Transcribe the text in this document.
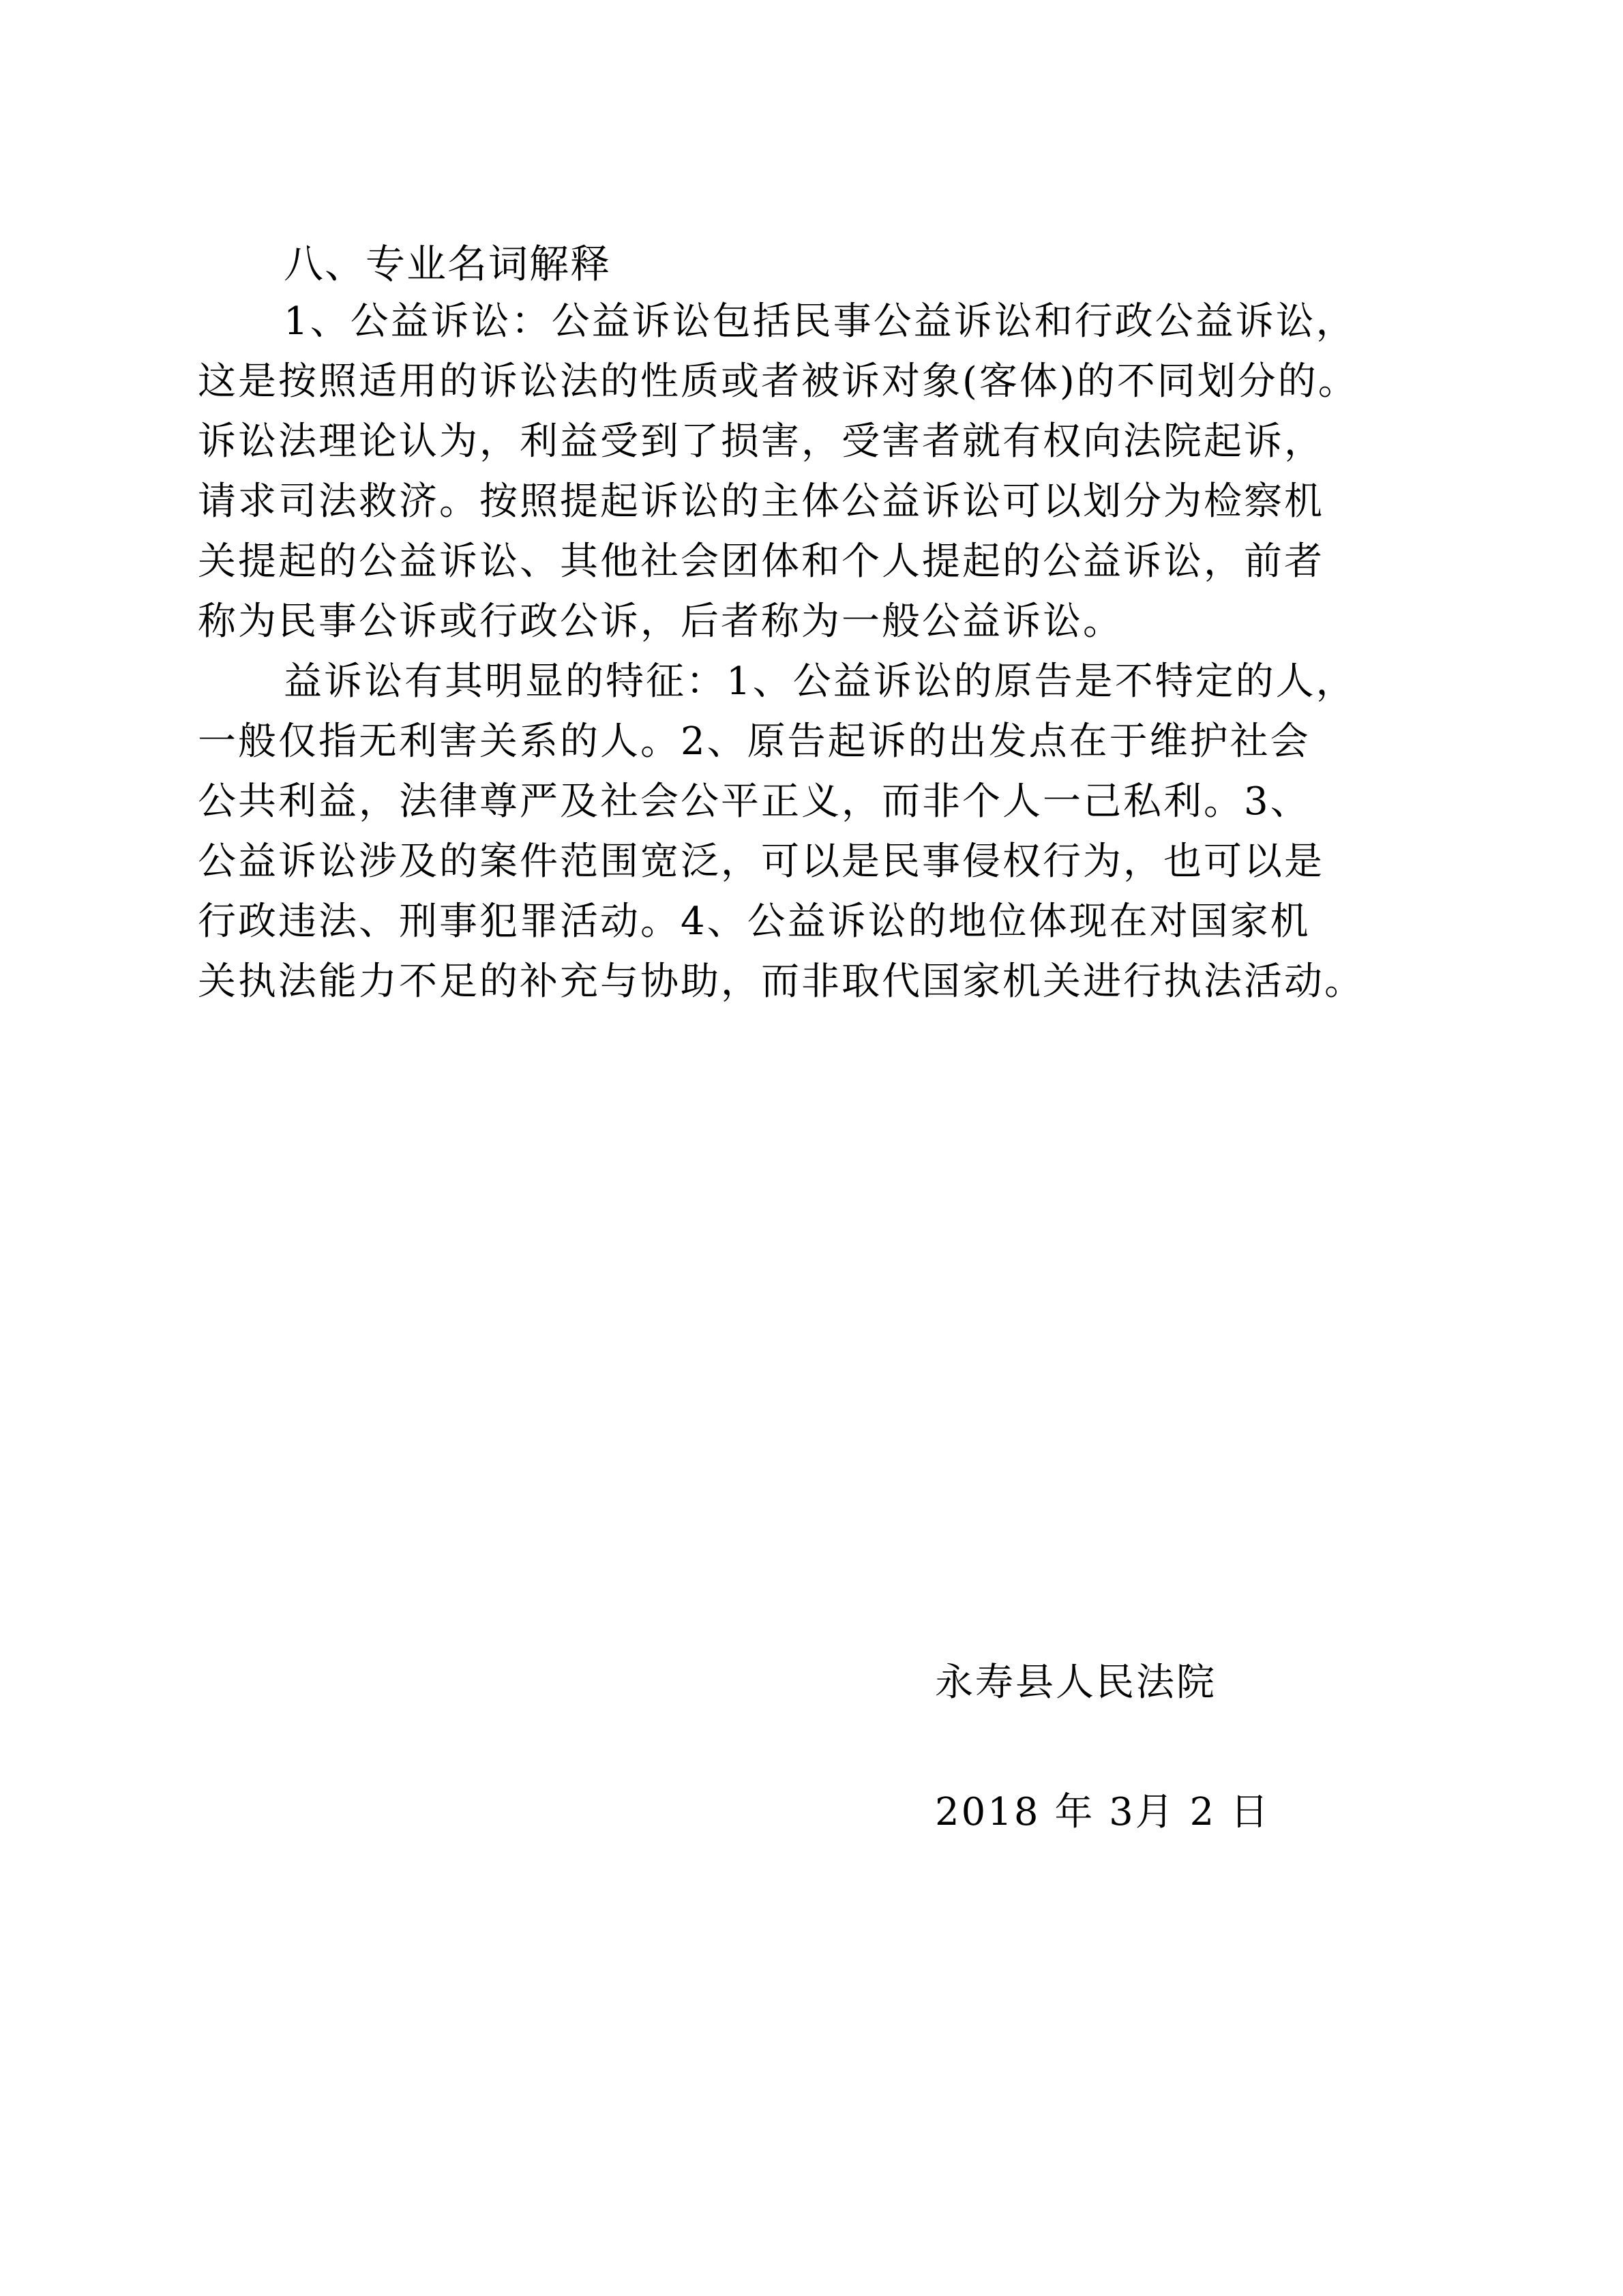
八、专业名词解释
1、公益诉讼：公益诉讼包括民事公益诉讼和行政公益诉讼，
这是按照适用的诉讼法的性质或者被诉对象(客体)的不同划分的。
诉讼法理论认为，利益受到了损害，受害者就有权向法院起诉，
请求司法救济。按照提起诉讼的主体公益诉讼可以划分为检察机
关提起的公益诉讼、其他社会团体和个人提起的公益诉讼，前者
称为民事公诉或行政公诉，后者称为一般公益诉讼。
益诉讼有其明显的特征：1、公益诉讼的原告是不特定的人，
一般仅指无利害关系的人。2、原告起诉的出发点在于维护社会
公共利益，法律尊严及社会公平正义，而非个人一己私利。3、
公益诉讼涉及的案件范围宽泛，可以是民事侵权行为，也可以是
行政违法、刑事犯罪活动。4、公益诉讼的地位体现在对国家机
关执法能力不足的补充与协助，而非取代国家机关进行执法活动。
永寿县人民法院
2018 年 3月 2 日
